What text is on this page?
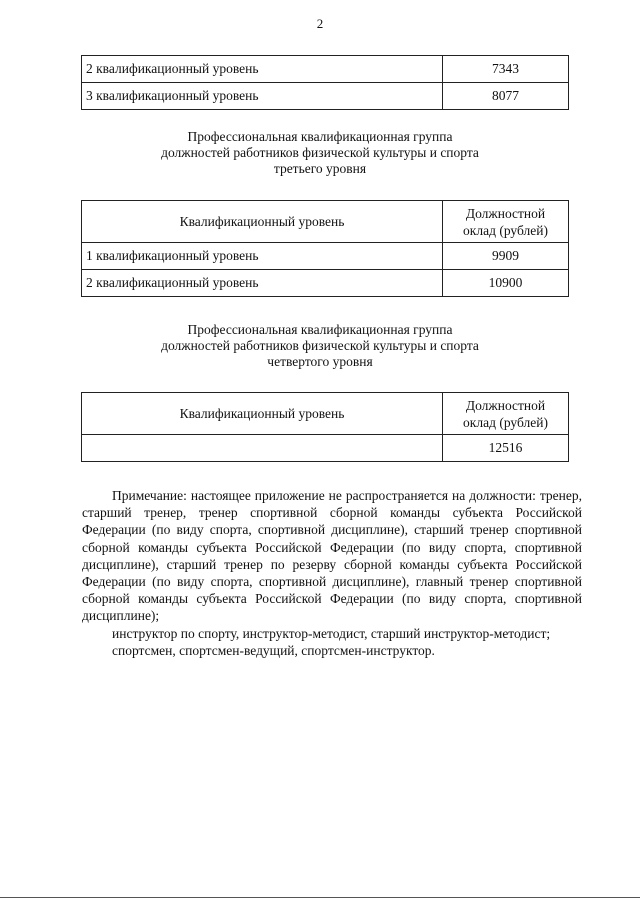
2
2 квалификационный уровень	7343
3 квалификационный уровень	8077
Профессиональная квалификационная группа
должностей работников физической культуры и спорта
третьего уровня
Квалификационный уровень	Должностной
оклад (рублей)

1 квалификационный уровень	9909
2 квалификационный уровень	10900
Профессиональная квалификационная группа
должностей работников физической культуры и спорта
четвертого уровня
Квалификационный уровень	Должностной
оклад (рублей)

	12516

Примечание: настоящее приложение не распространяется на должности: тренер, старший тренер, тренер спортивной сборной команды субъекта Российской Федерации (по виду спорта, спортивной дисциплине), старший тренер спортивной сборной команды субъекта Российской Федерации (по виду спорта, спортивной дисциплине), старший тренер по резерву сборной команды субъекта Российской Федерации (по виду спорта, спортивной дисциплине), главный тренер спортивной сборной команды субъекта Российской Федерации (по виду спорта, спортивной дисциплине);

инструктор по спорту, инструктор-методист, старший инструктор-методист;

спортсмен, спортсмен-ведущий, спортсмен-инструктор.
